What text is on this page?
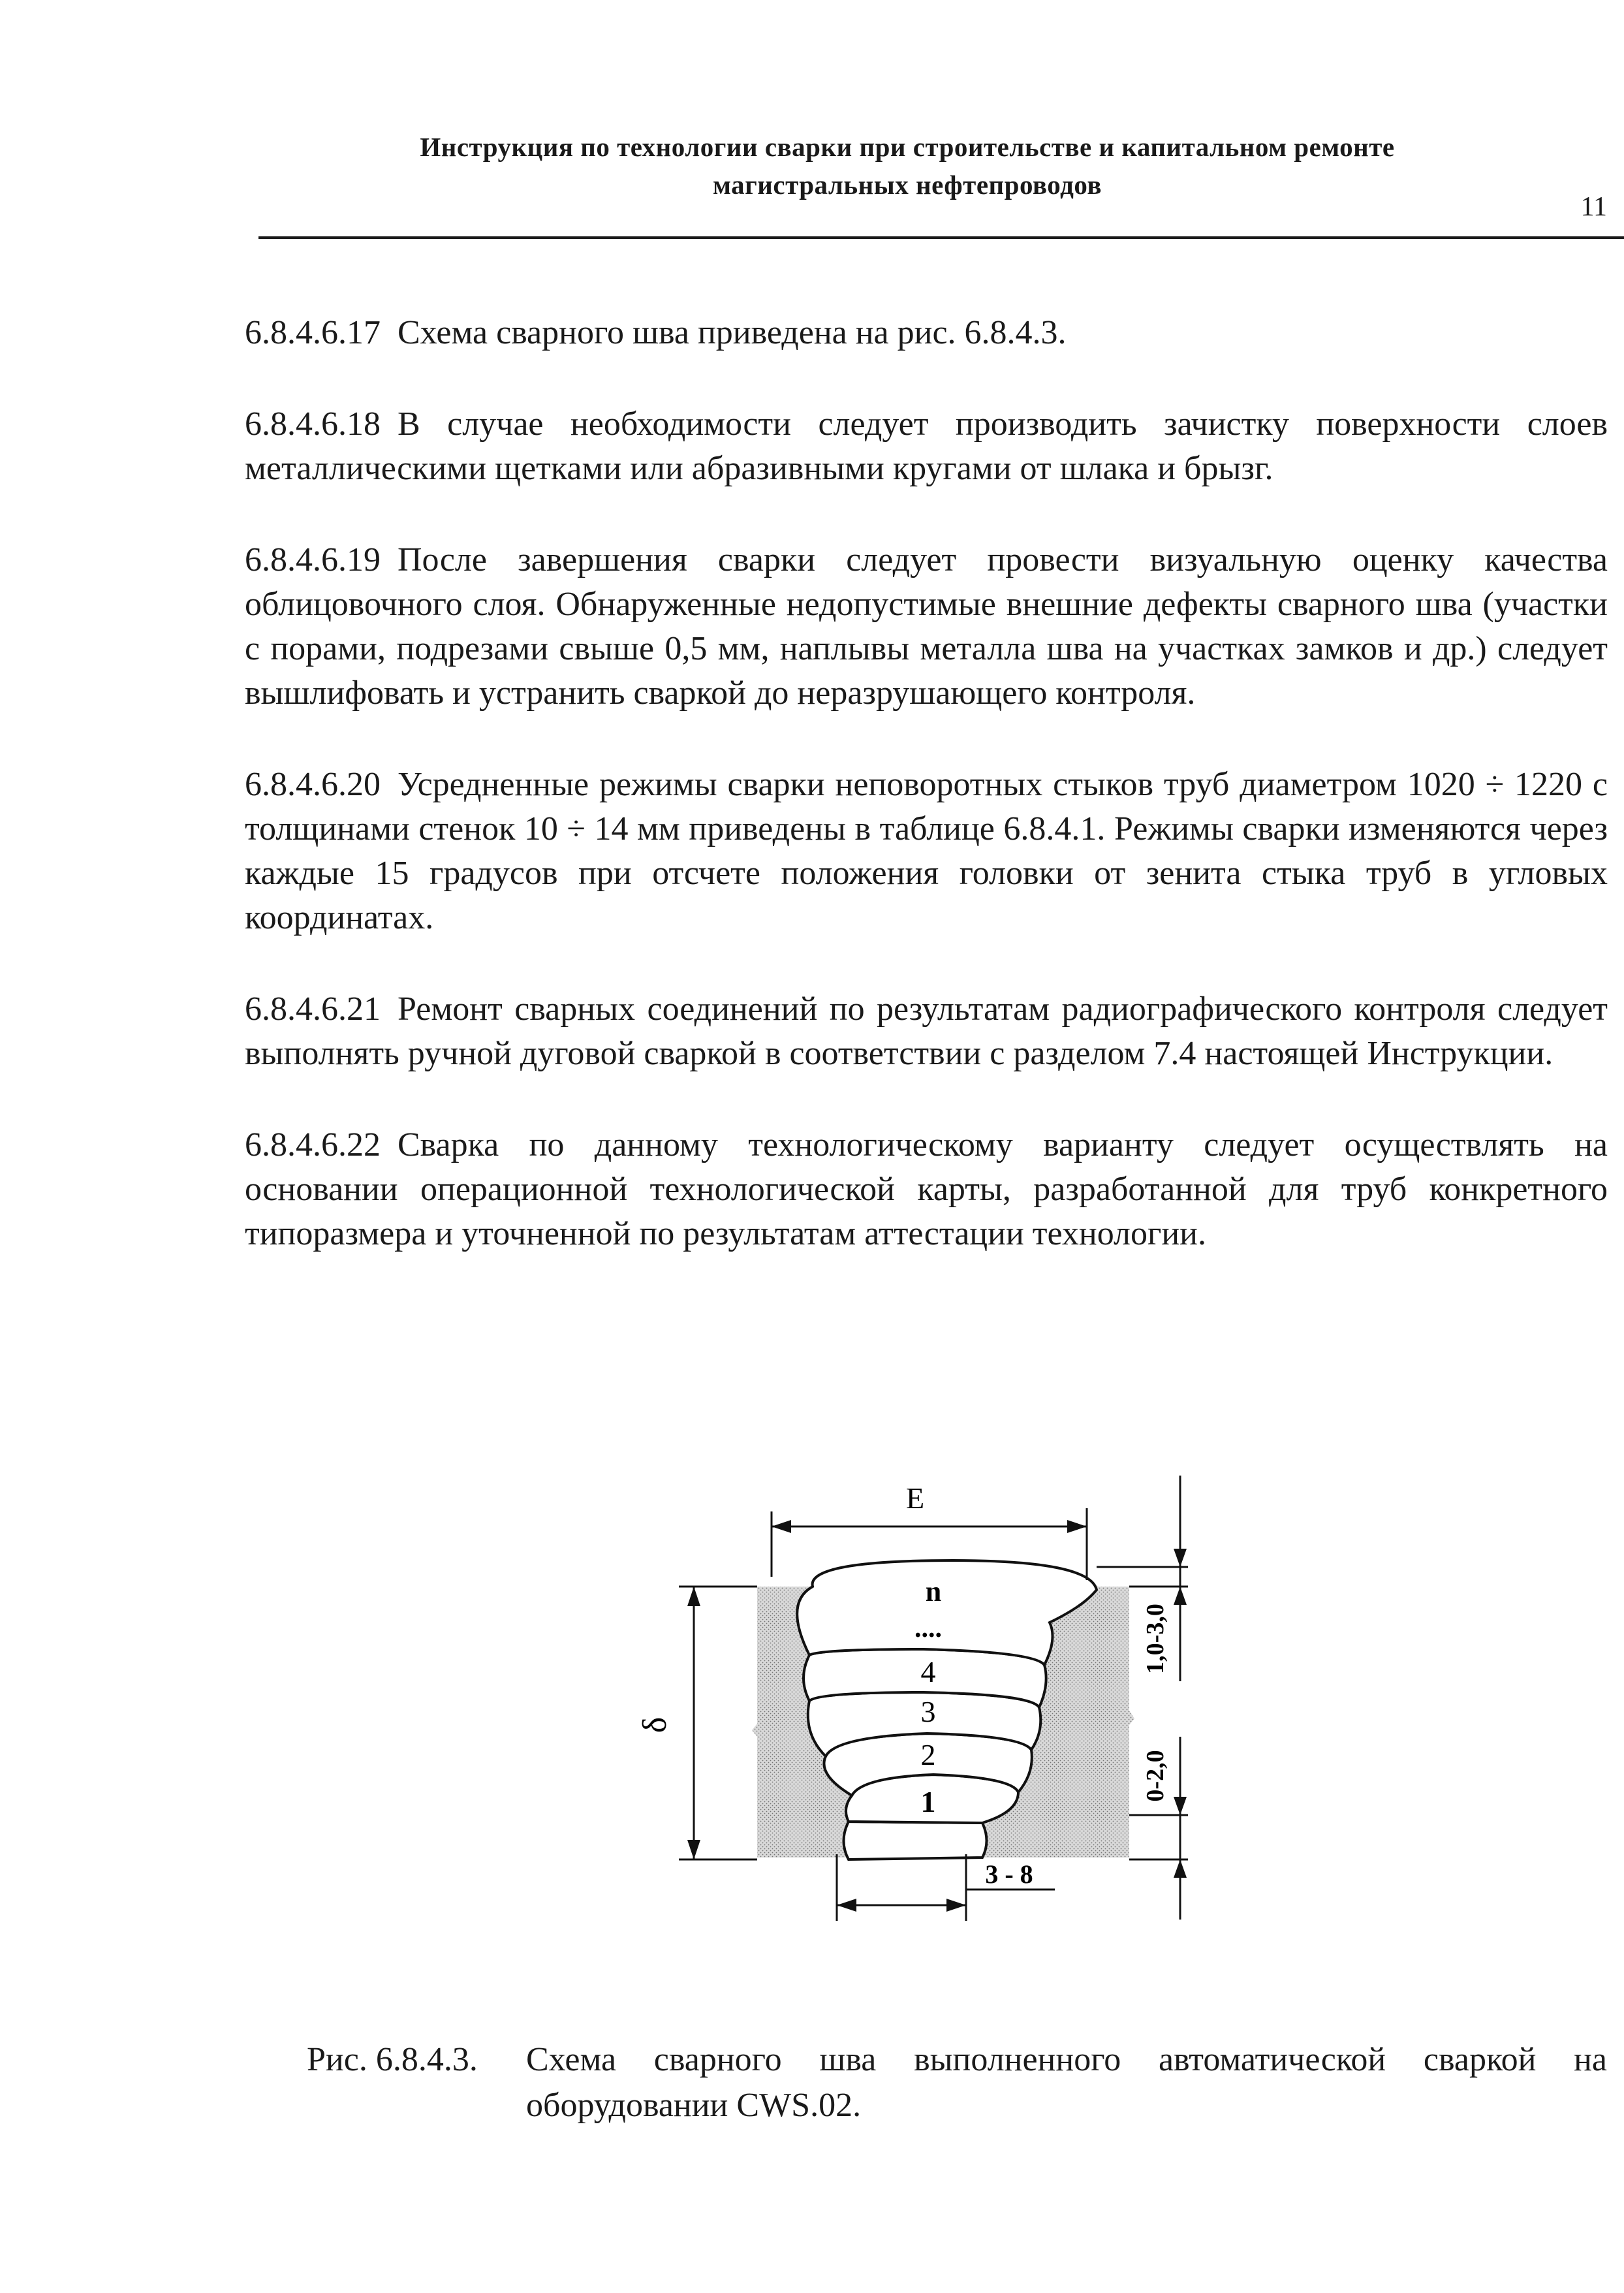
Инструкция по технологии сварки при строительстве и капитальном ремонте
магистральных нефтепроводов
11

6.8.4.6.17 Схема сварного шва приведена на рис. 6.8.4.3.

6.8.4.6.18 В случае необходимости следует производить зачистку поверхности слоев металлическими щетками или абразивными кругами от шлака и брызг.

6.8.4.6.19 После завершения сварки следует провести визуальную оценку качества облицовочного слоя. Обнаруженные недопустимые внешние дефекты сварного шва (участки с порами, подрезами свыше 0,5 мм, наплывы металла шва на участках замков и др.) следует вышлифовать и устранить сваркой до неразрушающего контроля.

6.8.4.6.20 Усредненные режимы сварки неповоротных стыков труб диаметром 1020 ÷ 1220 с толщинами стенок 10 ÷ 14 мм приведены в таблице 6.8.4.1. Режимы сварки изменяются через каждые 15 градусов при отсчете положения головки от зенита стыка труб в угловых координатах.

6.8.4.6.21 Ремонт сварных соединений по результатам радиографического контроля следует выполнять ручной дуговой сваркой в соответствии с разделом 7.4 настоящей Инструкции.

6.8.4.6.22 Сварка по данному технологическому варианту следует осуществлять на основании операционной технологической карты, разработанной для труб конкретного типоразмера и уточненной по результатам аттестации технологии.

n
....
4
3
2
1
E
δ
1,0-3,0
0-2,0
3 - 8
Рис. 6.8.4.3.	Схема сварного шва выполненного автоматической сваркой на оборудовании CWS.02.
